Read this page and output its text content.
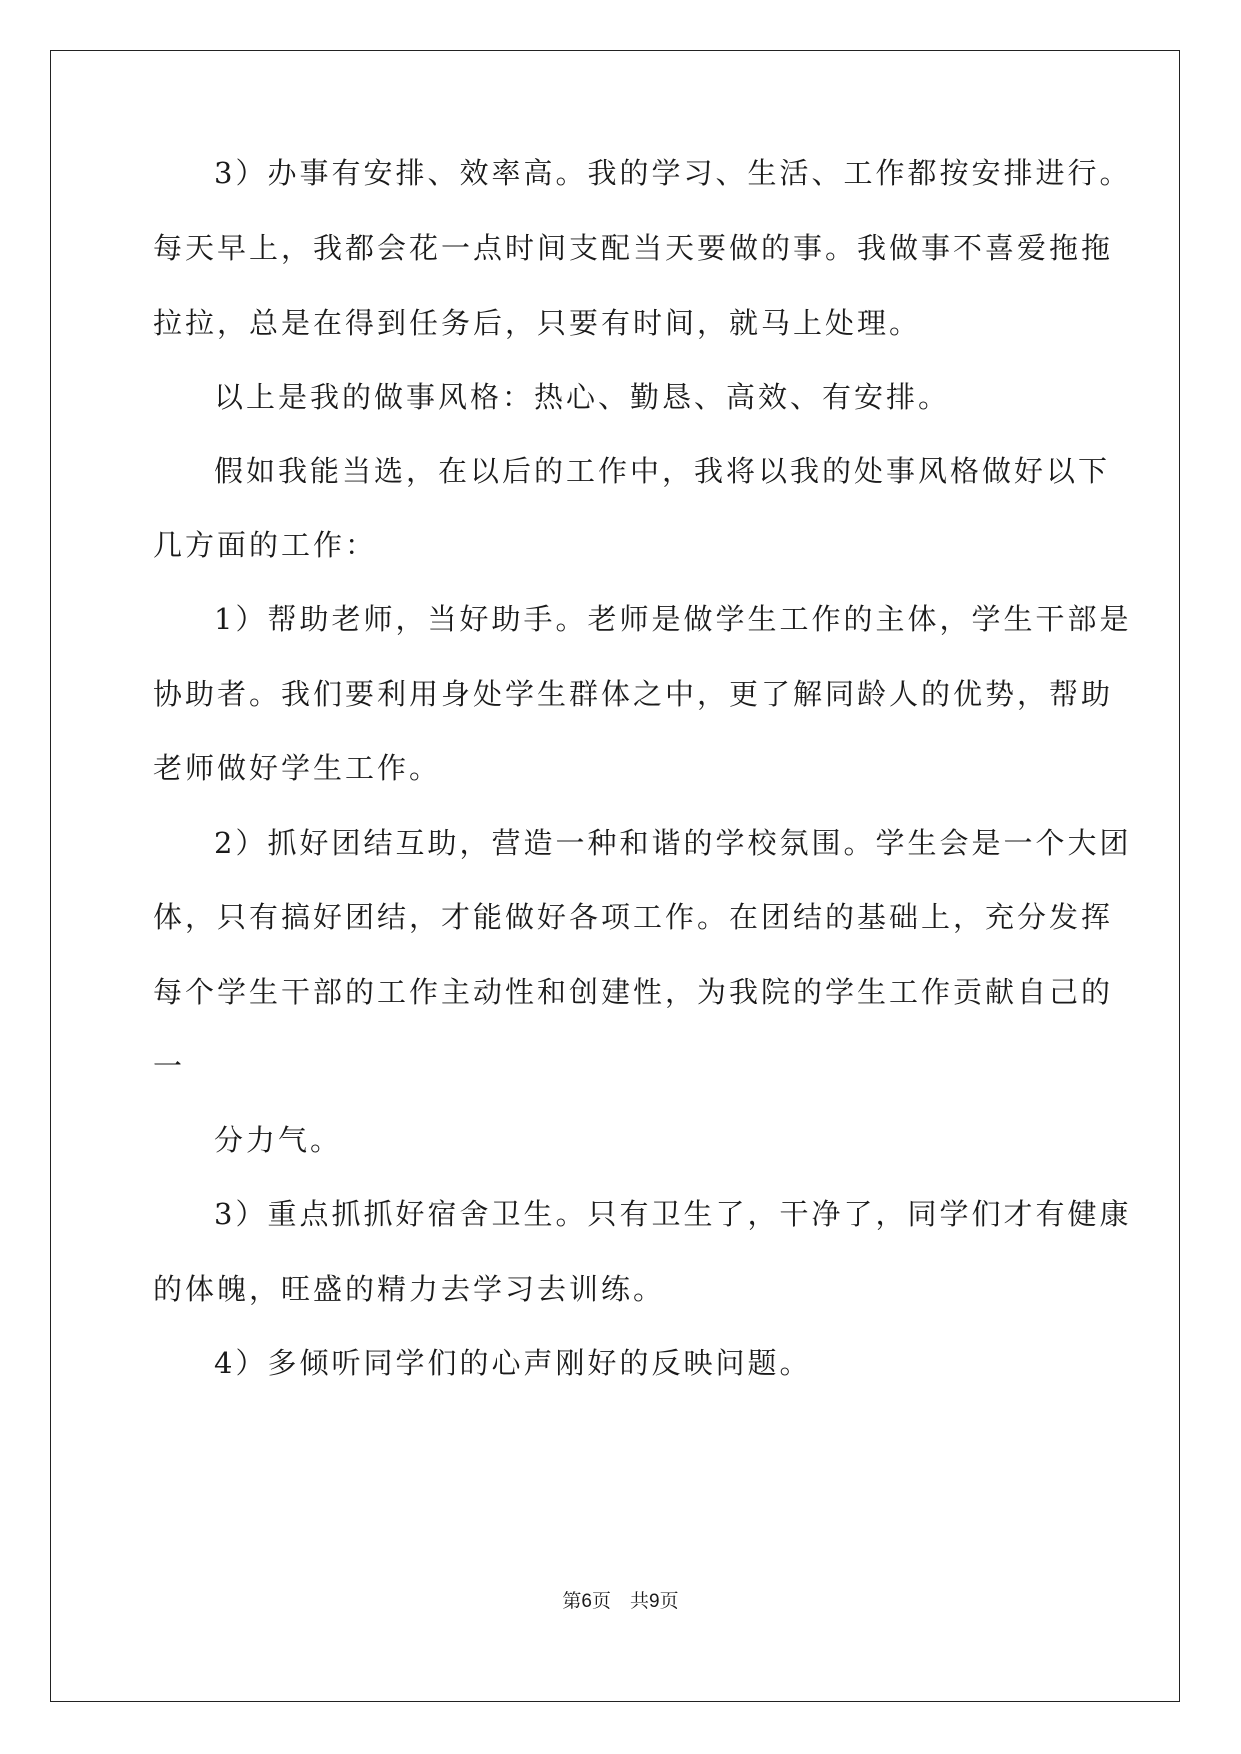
3）办事有安排、效率高。我的学习、生活、工作都按安排进行。
每天早上，我都会花一点时间支配当天要做的事。我做事不喜爱拖拖
拉拉，总是在得到任务后，只要有时间，就马上处理。
以上是我的做事风格：热心、勤恳、高效、有安排。
假如我能当选，在以后的工作中，我将以我的处事风格做好以下
几方面的工作：
1）帮助老师，当好助手。老师是做学生工作的主体，学生干部是
协助者。我们要利用身处学生群体之中，更了解同龄人的优势，帮助
老师做好学生工作。
2）抓好团结互助，营造一种和谐的学校氛围。学生会是一个大团
体，只有搞好团结，才能做好各项工作。在团结的基础上，充分发挥
每个学生干部的工作主动性和创建性，为我院的学生工作贡献自己的
一
分力气。
3）重点抓抓好宿舍卫生。只有卫生了，干净了，同学们才有健康
的体魄，旺盛的精力去学习去训练。
4）多倾听同学们的心声刚好的反映问题。
第6页　共9页
